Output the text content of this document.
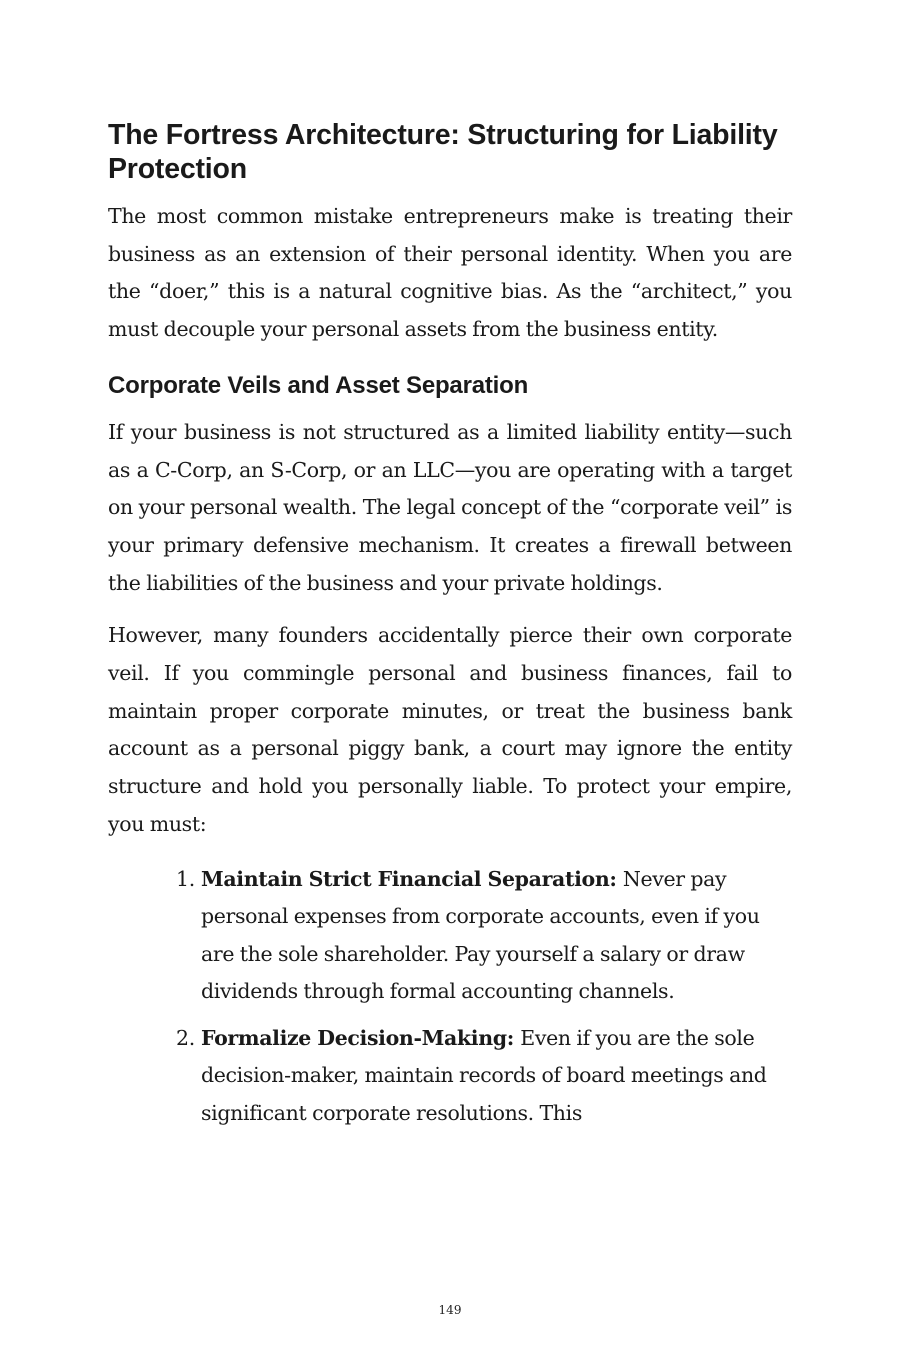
The Fortress Architecture: Structuring for Liability Protection

The most common mistake entrepreneurs make is treating their business as an extension of their personal identity. When you are the “doer,” this is a natural cognitive bias. As the “architect,” you must decouple your personal assets from the business entity.

Corporate Veils and Asset Separation

If your business is not structured as a limited liability entity—such as a C-Corp, an S-Corp, or an LLC—you are operating with a target on your personal wealth. The legal concept of the “corporate veil” is your primary defensive mechanism. It creates a firewall between the liabilities of the business and your private holdings.

However, many founders accidentally pierce their own corporate veil. If you commingle personal and business finances, fail to maintain proper corporate minutes, or treat the business bank account as a personal piggy bank, a court may ignore the entity structure and hold you personally liable. To protect your empire, you must:

1. Maintain Strict Financial Separation: Never pay personal expenses from corporate accounts, even if you are the sole shareholder. Pay yourself a salary or draw dividends through formal accounting channels.
2. Formalize Decision-Making: Even if you are the sole decision-maker, maintain records of board meetings and significant corporate resolutions. This
149
